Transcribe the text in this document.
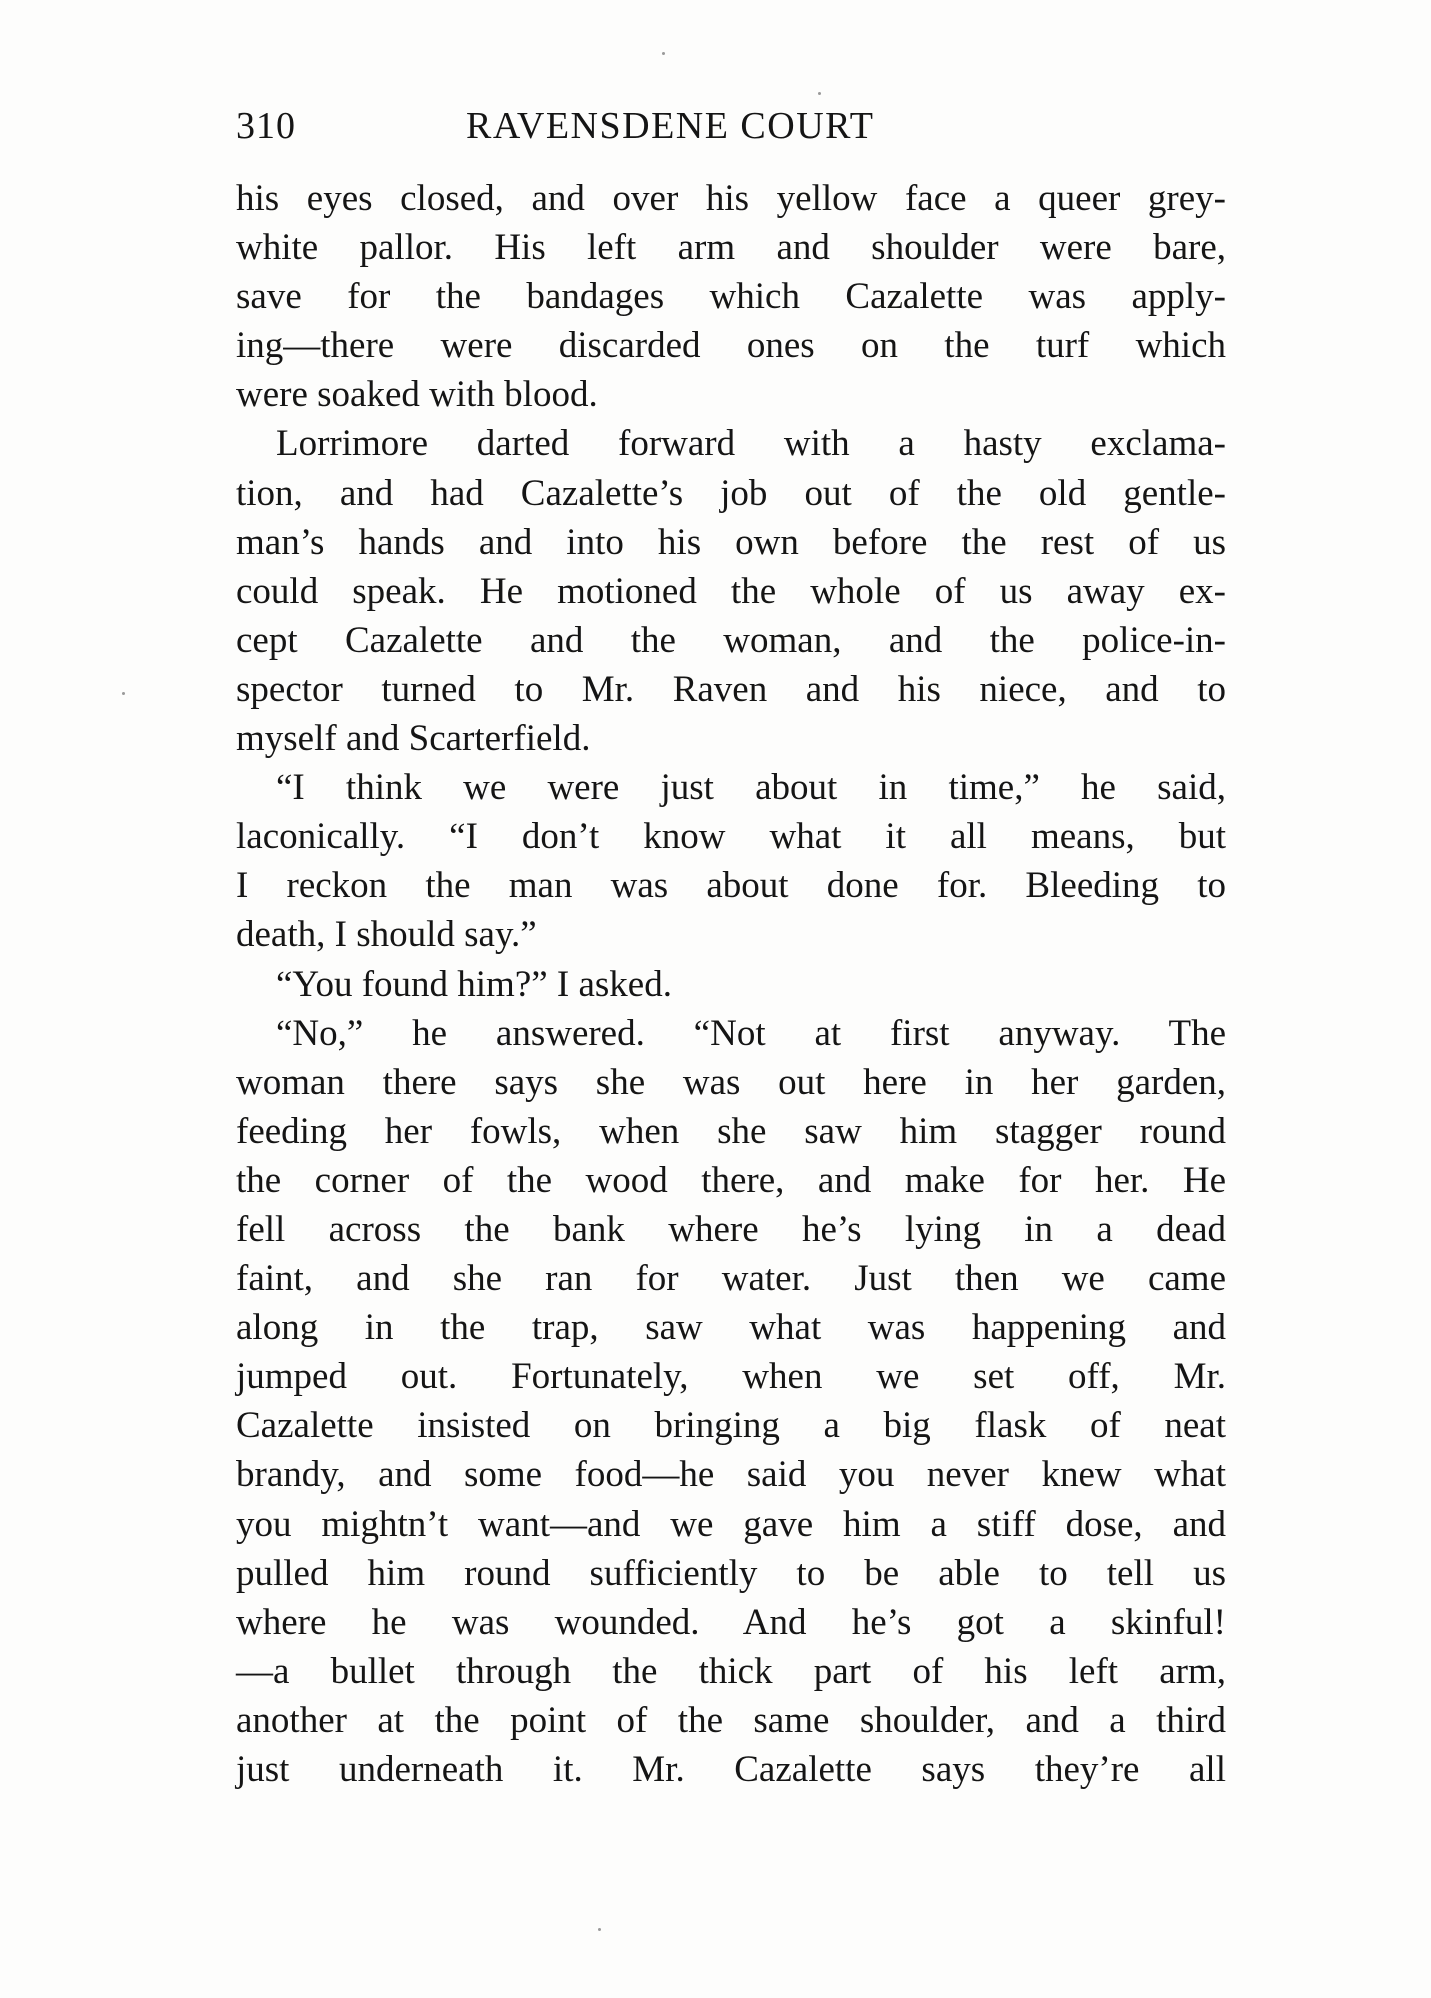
310	RAVENSDENE COURT
his eyes closed, and over his yellow face a queer grey-
white pallor. His left arm and shoulder were bare,
save for the bandages which Cazalette was apply-
ing—there were discarded ones on the turf which
were soaked with blood.
Lorrimore darted forward with a hasty exclama-
tion, and had Cazalette’s job out of the old gentle-
man’s hands and into his own before the rest of us
could speak. He motioned the whole of us away ex-
cept Cazalette and the woman, and the police-in-
spector turned to Mr. Raven and his niece, and to
myself and Scarterfield.
“I think we were just about in time,” he said,
laconically. “I don’t know what it all means, but
I reckon the man was about done for. Bleeding to
death, I should say.”
“You found him?” I asked.
“No,” he answered. “Not at first anyway. The
woman there says she was out here in her garden,
feeding her fowls, when she saw him stagger round
the corner of the wood there, and make for her. He
fell across the bank where he’s lying in a dead
faint, and she ran for water. Just then we came
along in the trap, saw what was happening and
jumped out. Fortunately, when we set off, Mr.
Cazalette insisted on bringing a big flask of neat
brandy, and some food—he said you never knew what
you mightn’t want—and we gave him a stiff dose, and
pulled him round sufficiently to be able to tell us
where he was wounded. And he’s got a skinful!
—a bullet through the thick part of his left arm,
another at the point of the same shoulder, and a third
just underneath it. Mr. Cazalette says they’re all
